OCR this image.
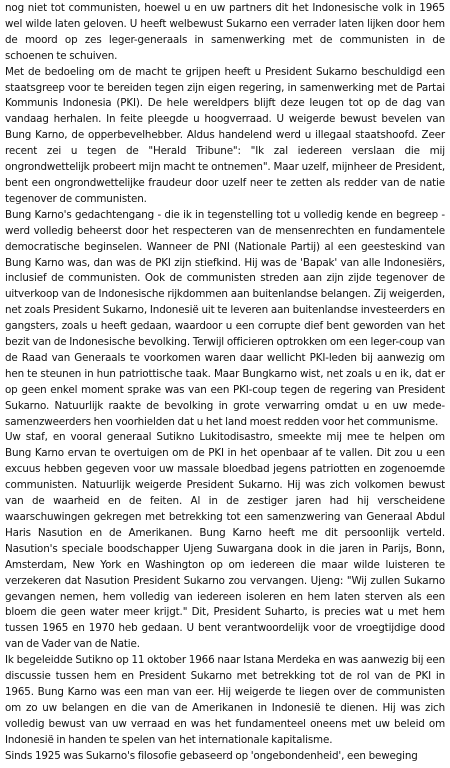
nog niet tot communisten, hoewel u en uw partners dit het Indonesische volk in 1965 wel wilde laten geloven. U heeft welbewust Sukarno een verrader laten lijken door hem de moord op zes leger-generaals in samenwerking met de communisten in de schoenen te schuiven.

Met de bedoeling om de macht te grijpen heeft u President Sukarno beschuldigd een staatsgreep voor te bereiden tegen zijn eigen regering, in samenwerking met de Partai Kommunis Indonesia (PKI). De hele wereldpers blijft deze leugen tot op de dag van vandaag herhalen. In feite pleegde u hoogverraad. U weigerde bewust bevelen van Bung Karno, de opperbevelhebber. Aldus handelend werd u illegaal staatshoofd. Zeer recent zei u tegen de "Herald Tribune": "Ik zal iedereen verslaan die mij ongrondwettelijk probeert mijn macht te ontnemen". Maar uzelf, mijnheer de President, bent een ongrondwettelijke fraudeur door uzelf neer te zetten als redder van de natie tegenover de communisten.

Bung Karno's gedachtengang - die ik in tegenstelling tot u volledig kende en begreep - werd volledig beheerst door het respecteren van de mensenrechten en fundamentele democratische beginselen. Wanneer de PNI (Nationale Partij) al een geesteskind van Bung Karno was, dan was de PKI zijn stiefkind. Hij was de 'Bapak' van alle Indonesiërs, inclusief de communisten. Ook de communisten streden aan zijn zijde tegenover de uitverkoop van de Indonesische rijkdommen aan buitenlandse belangen. Zij weigerden, net zoals President Sukarno, Indonesië uit te leveren aan buitenlandse investeerders en gangsters, zoals u heeft gedaan, waardoor u een corrupte dief bent geworden van het bezit van de Indonesische bevolking. Terwijl officieren optrokken om een leger-coup van de Raad van Generaals te voorkomen waren daar wellicht PKI-leden bij aanwezig om hen te steunen in hun patriottische taak. Maar Bungkarno wist, net zoals u en ik, dat er op geen enkel moment sprake was van een PKI-coup tegen de regering van President Sukarno. Natuurlijk raakte de bevolking in grote verwarring omdat u en uw mede-samenzweerders hen voorhielden dat u het land moest redden voor het communisme.

Uw staf, en vooral generaal Sutikno Lukitodisastro, smeekte mij mee te helpen om Bung Karno ervan te overtuigen om de PKI in het openbaar af te vallen. Dit zou u een excuus hebben gegeven voor uw massale bloedbad jegens patriotten en zogenoemde communisten. Natuurlijk weigerde President Sukarno. Hij was zich volkomen bewust van de waarheid en de feiten. Al in de zestiger jaren had hij verscheidene waarschuwingen gekregen met betrekking tot een samenzwering van Generaal Abdul Haris Nasution en de Amerikanen. Bung Karno heeft me dit persoonlijk verteld. Nasution's speciale boodschapper Ujeng Suwargana dook in die jaren in Parijs, Bonn, Amsterdam, New York en Washington op om iedereen die maar wilde luisteren te verzekeren dat Nasution President Sukarno zou vervangen. Ujeng: "Wij zullen Sukarno gevangen nemen, hem volledig van iedereen isoleren en hem laten sterven als een bloem die geen water meer krijgt." Dit, President Suharto, is precies wat u met hem tussen 1965 en 1970 heb gedaan. U bent verantwoordelijk voor de vroegtijdige dood van de Vader van de Natie.

Ik begeleidde Sutikno op 11 oktober 1966 naar Istana Merdeka en was aanwezig bij een discussie tussen hem en President Sukarno met betrekking tot de rol van de PKI in 1965. Bung Karno was een man van eer. Hij weigerde te liegen over de communisten om zo uw belangen en die van de Amerikanen in Indonesië te dienen. Hij was zich volledig bewust van uw verraad en was het fundamenteel oneens met uw beleid om Indonesië in handen te spelen van het internationale kapitalisme.

Sinds 1925 was Sukarno's filosofie gebaseerd op 'ongebondenheid', een beweging
